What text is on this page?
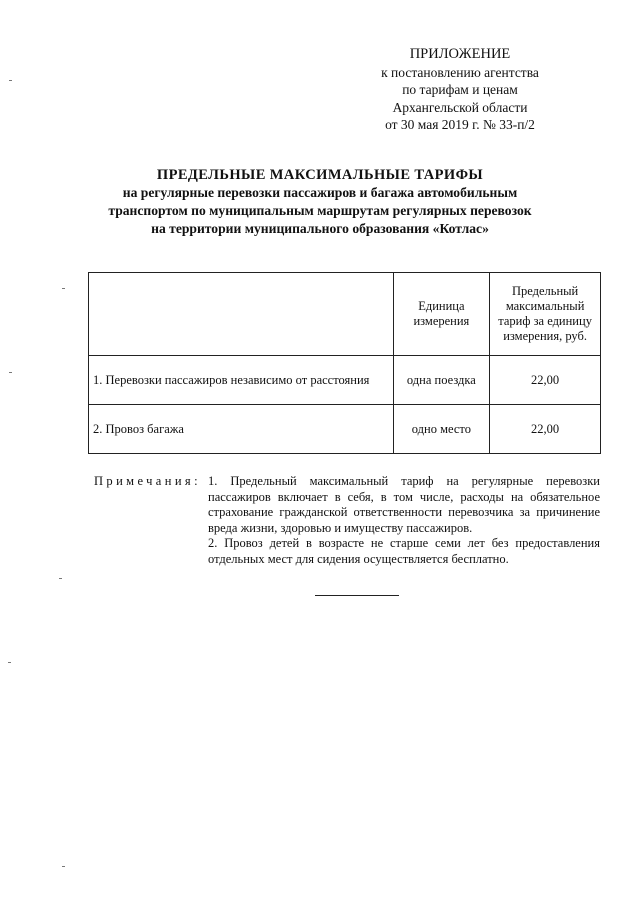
ПРИЛОЖЕНИЕ
к постановлению агентства
по тарифам и ценам
Архангельской области
от 30 мая 2019 г. № 33-п/2
ПРЕДЕЛЬНЫЕ МАКСИМАЛЬНЫЕ ТАРИФЫ
на регулярные перевозки пассажиров и багажа автомобильным
транспортом по муниципальным маршрутам регулярных перевозок
на территории муниципального образования «Котлас»
	Единица измерения	Предельный максимальный тариф за единицу измерения, руб.
1. Перевозки пассажиров независимо от расстояния	одна поездка	22,00
2. Провоз багажа	одно место	22,00
Примечания: 1. Предельный максимальный тариф на регулярные перевозки пассажиров включает в себя, в том числе, расходы на обязательное страхование гражданской ответственности перевозчика за причинение вреда жизни, здоровью и имуществу пассажиров.

2. Провоз детей в возрасте не старше семи лет без предоставления отдельных мест для сидения осуществляется бесплатно.
